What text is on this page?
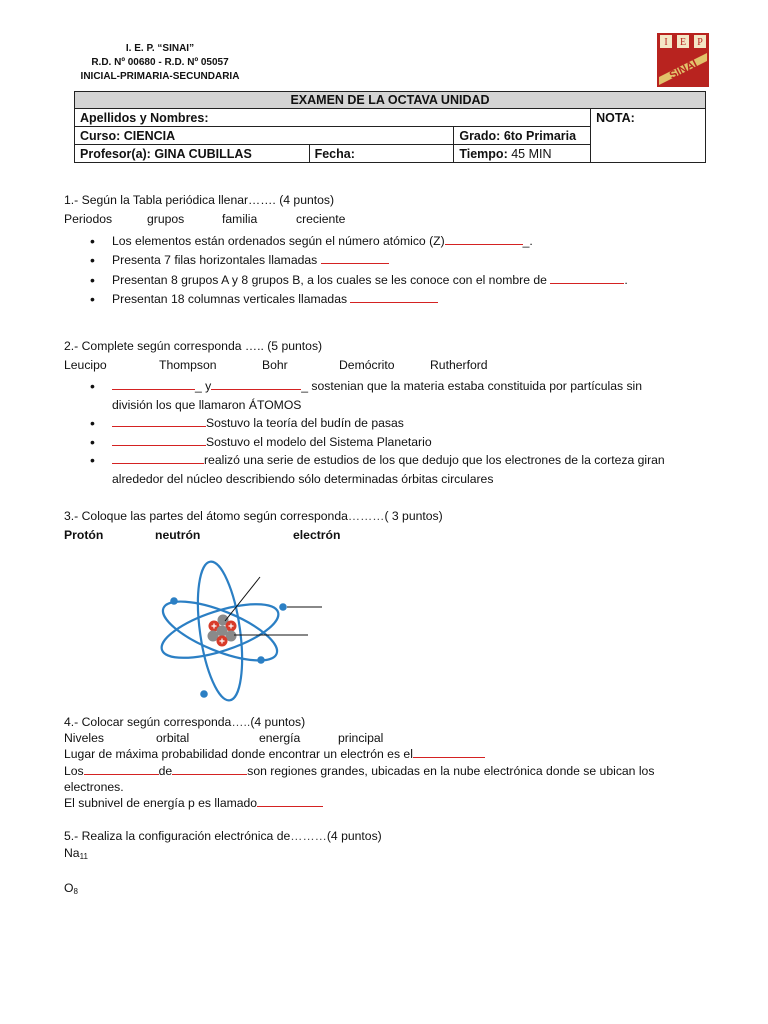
I. E. P. “SINAI”
R.D. Nº 00680 - R.D. Nº 05057
INICIAL-PRIMARIA-SECUNDARIA
I E P
SINAI
EXAMEN DE LA OCTAVA UNIDAD			
Apellidos y Nombres:			NOTA:
Curso: CIENCIA		Grado: 6to Primaria	
Profesor(a): GINA CUBILLAS	Fecha:	Tiempo: 45 MIN	
1.- Según la Tabla periódica llenar……. (4 puntos)
Periodos	grupos	familia	creciente
• Los elementos están ordenados según el número atómico (Z)	_.
• Presenta 7 filas horizontales llamadas
• Presentan 8 grupos A y 8 grupos B, a los cuales se les conoce con el nombre de	.
• Presentan 18 columnas verticales llamadas
2.- Complete según corresponda ….. (5 puntos)
Leucipo	Thompson	Bohr	Demócrito	Rutherford
• _ y	_ sostenian que la materia estaba constituida por partículas sin
división los que llamaron ÁTOMOS
• Sostuvo la teoría del budín de pasas
• Sostuvo el modelo del Sistema Planetario
• realizó una serie de estudios de los que dedujo que los electrones de la corteza giran
alrededor del núcleo describiendo sólo determinadas órbitas circulares
3.- Coloque las partes del átomo según corresponda………( 3 puntos)
Protón	neutrón	electrón
4.- Colocar según corresponda…..(4 puntos)
Niveles	orbital	energía	principal
Lugar de máxima probabilidad donde encontrar un electrón es el
Los	de	son regiones grandes, ubicadas en la nube electrónica donde se ubican los
electrones.
El subnivel de energía p es llamado
5.- Realiza la configuración electrónica de………(4 puntos)
$Na_{11}$
$O_8$
